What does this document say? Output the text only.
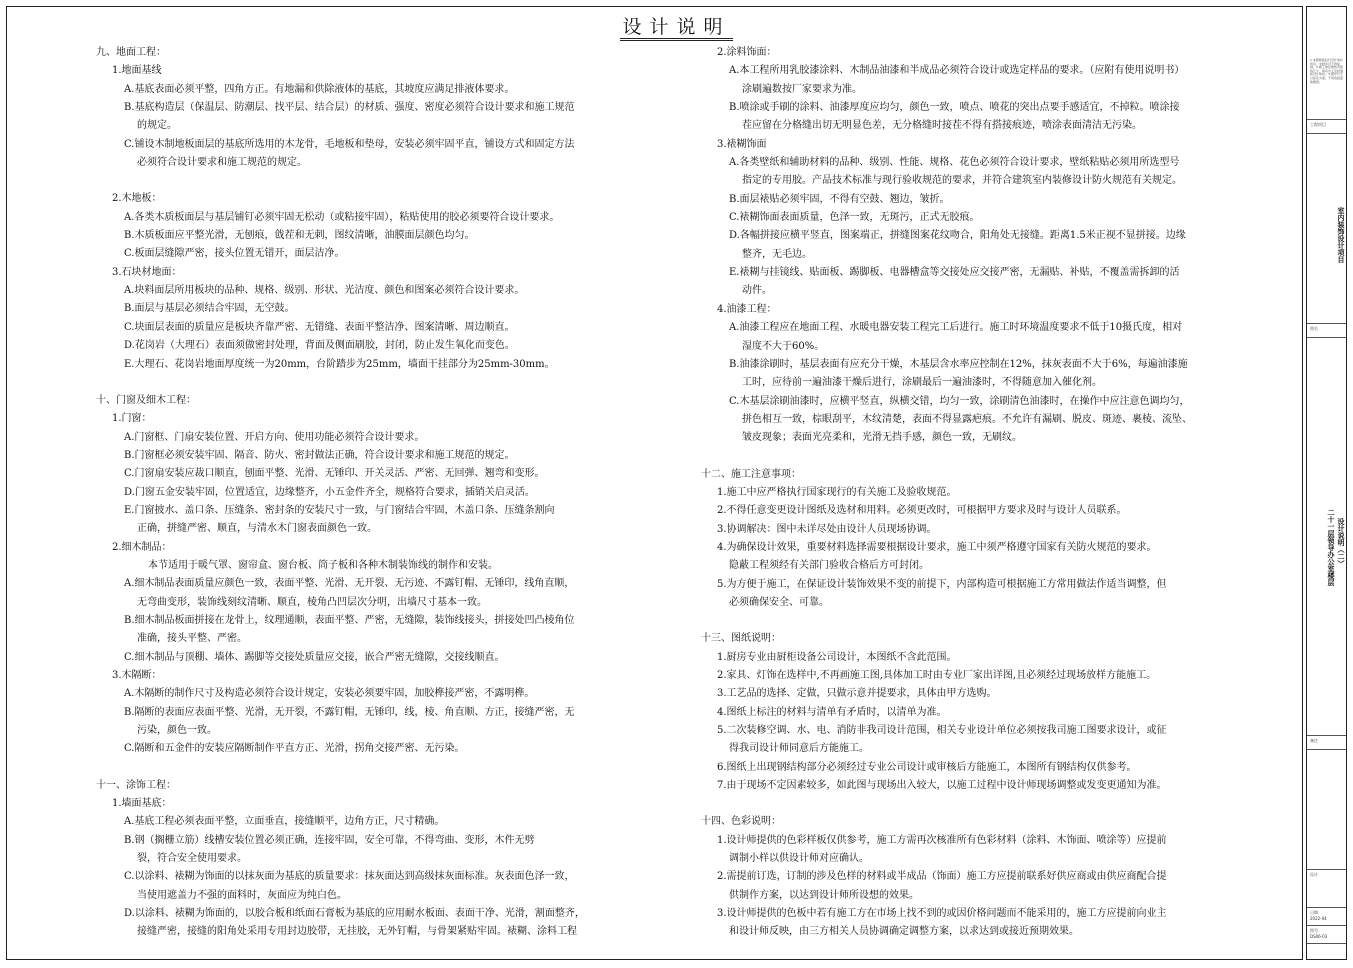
设计说明
九、地面工程：
1.地面基线
A.基底表面必须平整，四角方正。有地漏和供除液体的基底，其坡度应满足排液体要求。
B.基底构造层（保温层、防潮层、找平层、结合层）的材质、强度、密度必须符合设计要求和施工规范
的规定。
C.铺设木制地板面层的基底所选用的木龙骨，毛地板和垫母，安装必须牢固平直，铺设方式和固定方法
必须符合设计要求和施工规范的规定。
2.木地板：
A.各类木质板面层与基层铺钉必须牢固无松动（或粘接牢固），粘贴使用的胶必须要符合设计要求。
B.木质板面应平整光滑，无刨痕，戗茬和无刺，图纹清晰，油膜面层颜色均匀。
C.板面层缝隙严密，接头位置无错开，面层洁净。
3.石块材地面：
A.块料面层所用板块的品种、规格、级别、形状、光洁度、颜色和图案必须符合设计要求。
B.面层与基层必须结合牢固，无空鼓。
C.块面层表面的质量应是板块齐靠严密、无错缝、表面平整洁净、图案清晰、周边顺直。
D.花岗岩（大理石）表面须做密封处理，背面及侧面刷胶，封闭，防止发生氧化而变色。
E.大理石、花岗岩地面厚度统一为20mm，台阶踏步为25mm，墙面干挂部分为25mm-30mm。
十、门窗及细木工程：
1.门窗：
A.门窗框、门扇安装位置、开启方向、使用功能必须符合设计要求。
B.门窗框必须安装牢固、隔音、防火、密封做法正确，符合设计要求和施工规范的规定。
C.门窗扇安装应裁口顺直，刨面平整、光滑、无锤印、开关灵活、严密、无回弹、翘弯和变形。
D.门窗五金安装牢固，位置适宜，边缘整齐，小五金件齐全，规格符合要求，插销关启灵活。
E.门窗披水、盖口条、压缝条、密封条的安装尺寸一致，与门窗结合牢固，木盖口条、压缝条割向
正确，拼缝严密、顺直，与清水木门窗表面颜色一致。
2.细木制品：
本节适用于暖气罩、窗帘盒、窗台板、筒子板和各种木制装饰线的制作和安装。
A.细木制品表面质量应颜色一致，表面平整、光滑、无开裂、无污迹、不露钉帽、无锤印，线角直顺，
无弯曲变形，装饰线刻纹清晰、顺直，棱角凸凹层次分明，出墙尺寸基本一致。
B.细木制品板面拼接在龙骨上，纹理通顺，表面平整、严密，无缝隙，装饰线接头，拼接处凹凸棱角位
准确，接头平整、严密。
C.细木制品与顶棚、墙体、踢脚等交接处质量应交接，嵌合严密无缝隙，交接线顺直。
3.木隔断：
A.木隔断的制作尺寸及构造必须符合设计规定，安装必须要牢固，加胶榫接严密，不露明榫。
B.隔断的表面应表面平整、光滑，无开裂，不露钉帽，无锤印，线，棱、角直顺、方正，接缝严密，无
污染，颜色一致。
C.隔断和五金件的安装应隔断制作平直方正、光滑，拐角交接严密、无污染。
十一、涂饰工程：
1.墙面基底：
A.基底工程必须表面平整，立面垂直，接缝顺平，边角方正，尺寸精确。
B.钢（搁栅立筋）线槽安装位置必须正确，连接牢固，安全可靠，不得弯曲、变形，木件无劈
裂，符合安全使用要求。
C.以涂料、裱糊为饰面的以抹灰面为基底的质量要求：抹灰面达到高级抹灰面标准。灰表面色泽一致，
当使用遮盖力不强的面料时，灰面应为纯白色。
D.以涂料、裱糊为饰面的，以胶合板和纸面石膏板为基底的应用耐水板面、表面干净、光滑，割面整齐，
接缝严密，接缝的阳角处采用专用封边胶带，无挂胶，无外钉帽，与骨架紧贴牢固。裱糊、涂料工程
2.涂料饰面：
A.本工程所用乳胶漆涂料、木制品油漆和半成品必须符合设计或选定样品的要求。（应附有使用说明书）
涂刷遍数按厂家要求为准。
B.喷涂或手刷的涂料、油漆厚度应均匀，颜色一致，喷点、喷花的突出点要手感适宜，不掉粒。喷涂接
茬应留在分格缝出切无明显色差，无分格缝时接茬不得有搭接痕迹，喷涂表面清洁无污染。
3.裱糊饰面
A.各类壁纸和辅助材料的品种、级别、性能、规格、花色必须符合设计要求，壁纸粘贴必须用所选型号
指定的专用胶。产品技术标准与现行验收规范的要求，并符合建筑室内装修设计防火规范有关规定。
B.面层裱贴必须牢固，不得有空鼓、翘边，皱折。
C.裱糊饰面表面质量，色泽一致，无斑污，正式无胶痕。
D.各幅拼接应横平竖直，图案端正，拼缝图案花纹吻合，阳角处无接缝。距离1.5米正视不显拼接。边缘
整齐，无毛边。
E.裱糊与挂镜线、贴面板、踢脚板、电器槽盒等交接处应交接严密，无漏贴、补贴，不覆盖需拆卸的活
动件。
4.油漆工程：
A.油漆工程应在地面工程、水暖电器安装工程完工后进行。施工时环境温度要求不低于10摄氏度，相对
湿度不大于60%。
B.油漆涂刷时，基层表面有应充分干燥，木基层含水率应控制在12%，抹灰表面不大于6%，每遍油漆施
工时，应待前一遍油漆干燥后进行，涂刷最后一遍油漆时，不得随意加入催化剂。
C.木基层涂刷油漆时，应横平竖直，纵横交错，均匀一致，涂刷清色油漆时，在操作中应注意色调均匀，
拼色相互一致，棕眼刮平，木纹清楚，表面不得显露疤痕。不允许有漏刷、脱皮、斑迹、裹棱、流坠、
皱皮现象；表面光亮柔和，光滑无挡手感，颜色一致，无刷纹。
十二、施工注意事项：
1.施工中应严格执行国家现行的有关施工及验收规范。
2.不得任意变更设计图纸及选材和用料。必须更改时，可根据甲方要求及时与设计人员联系。
3.协调解决：图中未详尽处由设计人员现场协调。
4.为确保设计效果，重要材料选择需要根据设计要求，施工中须严格遵守国家有关防火规范的要求。
隐蔽工程须经有关部门验收合格后方可封闭。
5.为方便于施工，在保证设计装饰效果不变的前提下，内部构造可根据施工方常用做法作适当调整，但
必须确保安全、可靠。
十三、图纸说明：
1.厨房专业由厨柜设备公司设计，本图纸不含此范围。
2.家具、灯饰在选样中,不再画施工图,具体加工时由专业厂家出详图,且必须经过现场放样方能施工。
3.工艺品的选择、定做，只做示意并提要求，具体由甲方选购。
4.图纸上标注的材料与清单有矛盾时，以清单为准。
5.二次装修空调、水、电、消防非我司设计范围，相关专业设计单位必须按我司施工图要求设计，或征
得我司设计师同意后方能施工。
6.图纸上出现钢结构部分必须经过专业公司设计或审核后方能施工，本图所有钢结构仅供参考。
7.由于现场不定因素较多，如此图与现场出入较大，以施工过程中设计师现场调整或发变更通知为准。
十四、色彩说明：
1.设计师提供的色彩样板仅供参考，施工方需再次核准所有色彩材料（涂料、木饰面、喷涂等）应提前
调制小样以供设计师对应确认。
2.需提前订选，订制的涉及色样的材料或半成品（饰面）施工方应提前联系好供应商或由供应商配合提
供制作方案，以达到设计师所设想的效果。
3.设计师提供的色板中若有施工方在市场上找不到的或因价格问题而不能采用的，施工方应提前向业主
和设计师反映，由三方相关人员协调确定调整方案，以求达到或接近预期效果。
1.本图纸版权归设计单位所有，未经许可不得复制。2.施工单位须核对现场尺寸，如有出入及时通知设计单位。3.图中尺寸以标注为准，不得直接量取图纸。
工程项目
室内装饰设计项目
图名
二十一层领导办公室楼层 设计说明（二）
备注
设计
日期
2022-04
图号
DS06-03
